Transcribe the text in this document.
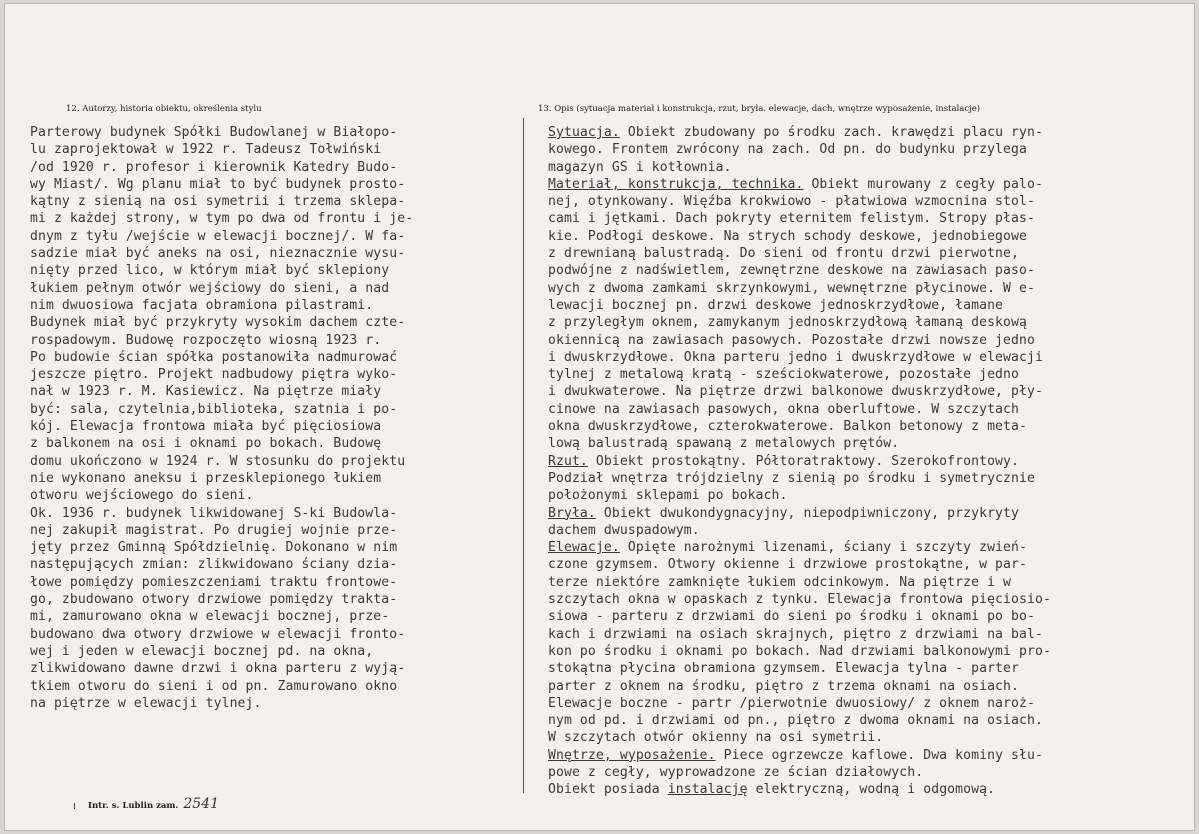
12. Autorzy, historia obiektu, określenia stylu	13. Opis (sytuacja materiał i konstrukcja, rzut, bryła. elewacje, dach, wnętrze wyposażenie, instalacje)
Parterowy budynek Spółki Budowlanej w Białopo-
lu zaprojektował w 1922 r. Tadeusz Tołwiński
/od 1920 r. profesor i kierownik Katedry Budo-
wy Miast/. Wg planu miał to być budynek prosto-
kątny z sienią na osi symetrii i trzema sklepa-
mi z każdej strony, w tym po dwa od frontu i je-
dnym z tyłu /wejście w elewacji bocznej/. W fa-
sadzie miał być aneks na osi, nieznacznie wysu-
nięty przed lico, w którym miał być sklepiony
łukiem pełnym otwór wejściowy do sieni, a nad
nim dwuosiowa facjata obramiona pilastrami.
Budynek miał być przykryty wysokim dachem czte-
rospadowym. Budowę rozpoczęto wiosną 1923 r.
Po budowie ścian spółka postanowiła nadmurować
jeszcze piętro. Projekt nadbudowy piętra wyko-
nał w 1923 r. M. Kasiewicz. Na piętrze miały
być: sala, czytelnia,biblioteka, szatnia i po-
kój. Elewacja frontowa miała być pięciosiowa
z balkonem na osi i oknami po bokach. Budowę
domu ukończono w 1924 r. W stosunku do projektu
nie wykonano aneksu i przesklepionego łukiem
otworu wejściowego do sieni.
Ok. 1936 r. budynek likwidowanej S-ki Budowla-
nej zakupił magistrat. Po drugiej wojnie prze-
jęty przez Gminną Spółdzielnię. Dokonano w nim
następujących zmian: zlikwidowano ściany dzia-
łowe pomiędzy pomieszczeniami traktu frontowe-
go, zbudowano otwory drzwiowe pomiędzy trakta-
mi, zamurowano okna w elewacji bocznej, prze-
budowano dwa otwory drzwiowe w elewacji fronto-
wej i jeden w elewacji bocznej pd. na okna,
zlikwidowano dawne drzwi i okna parteru z wyją-
tkiem otworu do sieni i od pn. Zamurowano okno
na piętrze w elewacji tylnej.
Sytuacja. Obiekt zbudowany po środku zach. krawędzi placu ryn-
kowego. Frontem zwrócony na zach. Od pn. do budynku przylega
magazyn GS i kotłownia.
Materiał, konstrukcja, technika. Obiekt murowany z cegły palo-
nej, otynkowany. Więźba krokwiowo - płatwiowa wzmocnina stol-
cami i jętkami. Dach pokryty eternitem felistym. Stropy płas-
kie. Podłogi deskowe. Na strych schody deskowe, jednobiegowe
z drewnianą balustradą. Do sieni od frontu drzwi pierwotne,
podwójne z nadświetlem, zewnętrzne deskowe na zawiasach paso-
wych z dwoma zamkami skrzynkowymi, wewnętrzne płycinowe. W e-
lewacji bocznej pn. drzwi deskowe jednoskrzydłowe, łamane
z przyległym oknem, zamykanym jednoskrzydłową łamaną deskową
okiennicą na zawiasach pasowych. Pozostałe drzwi nowsze jedno
i dwuskrzydłowe. Okna parteru jedno i dwuskrzydłowe w elewacji
tylnej z metalową kratą - sześciokwaterowe, pozostałe jedno
i dwukwaterowe. Na piętrze drzwi balkonowe dwuskrzydłowe, pły-
cinowe na zawiasach pasowych, okna oberluftowe. W szczytach
okna dwuskrzydłowe, czterokwaterowe. Balkon betonowy z meta-
lową balustradą spawaną z metalowych prętów.
Rzut. Obiekt prostokątny. Półtoratraktowy. Szerokofrontowy.
Podział wnętrza trójdzielny z sienią po środku i symetrycznie
położonymi sklepami po bokach.
Bryła. Obiekt dwukondygnacyjny, niepodpiwniczony, przykryty
dachem dwuspadowym.
Elewacje. Opięte narożnymi lizenami, ściany i szczyty zwień-
czone gzymsem. Otwory okienne i drzwiowe prostokątne, w par-
terze niektóre zamknięte łukiem odcinkowym. Na piętrze i w
szczytach okna w opaskach z tynku. Elewacja frontowa pięciosio-
siowa - parteru z drzwiami do sieni po środku i oknami po bo-
kach i drzwiami na osiach skrajnych, piętro z drzwiami na bal-
kon po środku i oknami po bokach. Nad drzwiami balkonowymi pro-
stokątna płycina obramiona gzymsem. Elewacja tylna - parter
parter z oknem na środku, piętro z trzema oknami na osiach.
Elewacje boczne - partr /pierwotnie dwuosiowy/ z oknem naroż-
nym od pd. i drzwiami od pn., piętro z dwoma oknami na osiach.
W szczytach otwór okienny na osi symetrii.
Wnętrze, wyposażenie. Piece ogrzewcze kaflowe. Dwa kominy słu-
powe z cegły, wyprowadzone ze ścian działowych.
Obiekt posiada instalację elektryczną, wodną i odgomową.
Intr. s. Lublin zam. 2541
